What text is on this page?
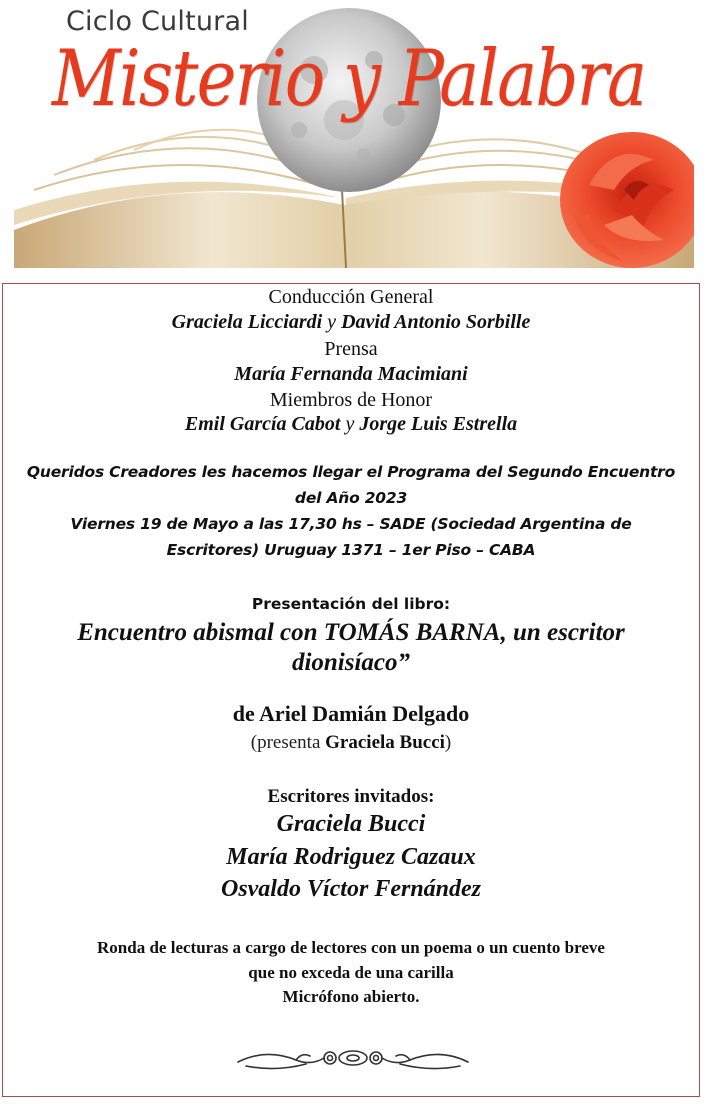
Ciclo Cultural
Misterio y Palabra
Conducción General
Graciela Licciardi y David Antonio Sorbille
Prensa
María Fernanda Macimiani
Miembros de Honor
Emil García Cabot y Jorge Luis Estrella
Queridos Creadores les hacemos llegar el Programa del Segundo Encuentro
del Año 2023
Viernes 19 de Mayo a las 17,30 hs – SADE (Sociedad Argentina de
Escritores) Uruguay 1371 – 1er Piso – CABA
Presentación del libro:
Encuentro abismal con TOMÁS BARNA, un escritor
dionisíaco”
de Ariel Damián Delgado
(presenta Graciela Bucci)
Escritores invitados:
Graciela Bucci
María Rodriguez Cazaux
Osvaldo Víctor Fernández
Ronda de lecturas a cargo de lectores con un poema o un cuento breve
que no exceda de una carilla
Micrófono abierto.
